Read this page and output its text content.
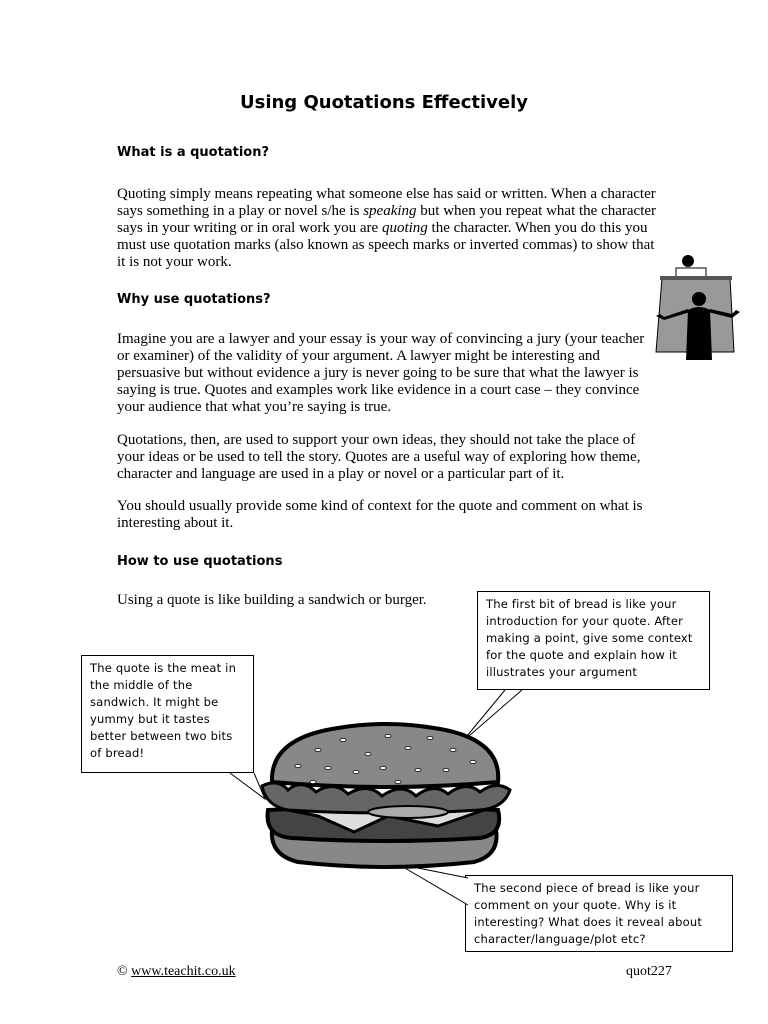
Using Quotations Effectively
What is a quotation?
Quoting simply means repeating what someone else has said or written. When a character says something in a play or novel s/he is speaking but when you repeat what the character says in your writing or in oral work you are quoting the character. When you do this you must use quotation marks (also known as speech marks or inverted commas) to show that it is not your work.
Why use quotations?
Imagine you are a lawyer and your essay is your way of convincing a jury (your teacher or examiner) of the validity of your argument. A lawyer might be interesting and persuasive but without evidence a jury is never going to be sure that what the lawyer is saying is true. Quotes and examples work like evidence in a court case – they convince your audience that what you’re saying is true.
Quotations, then, are used to support your own ideas, they should not take the place of your ideas or be used to tell the story. Quotes are a useful way of exploring how theme, character and language are used in a play or novel or a particular part of it.
You should usually provide some kind of context for the quote and comment on what is interesting about it.
How to use quotations
Using a quote is like building a sandwich or burger.	The first bit of bread is like your introduction for your quote. After making a point, give some context for the quote and explain how it illustrates your argument
The quote is the meat in the middle of the sandwich. It might be yummy but it tastes better between two bits of bread!
The second piece of bread is like your comment on your quote. Why is it interesting? What does it reveal about character/language/plot etc?
© www.teachit.co.uk	quot227
